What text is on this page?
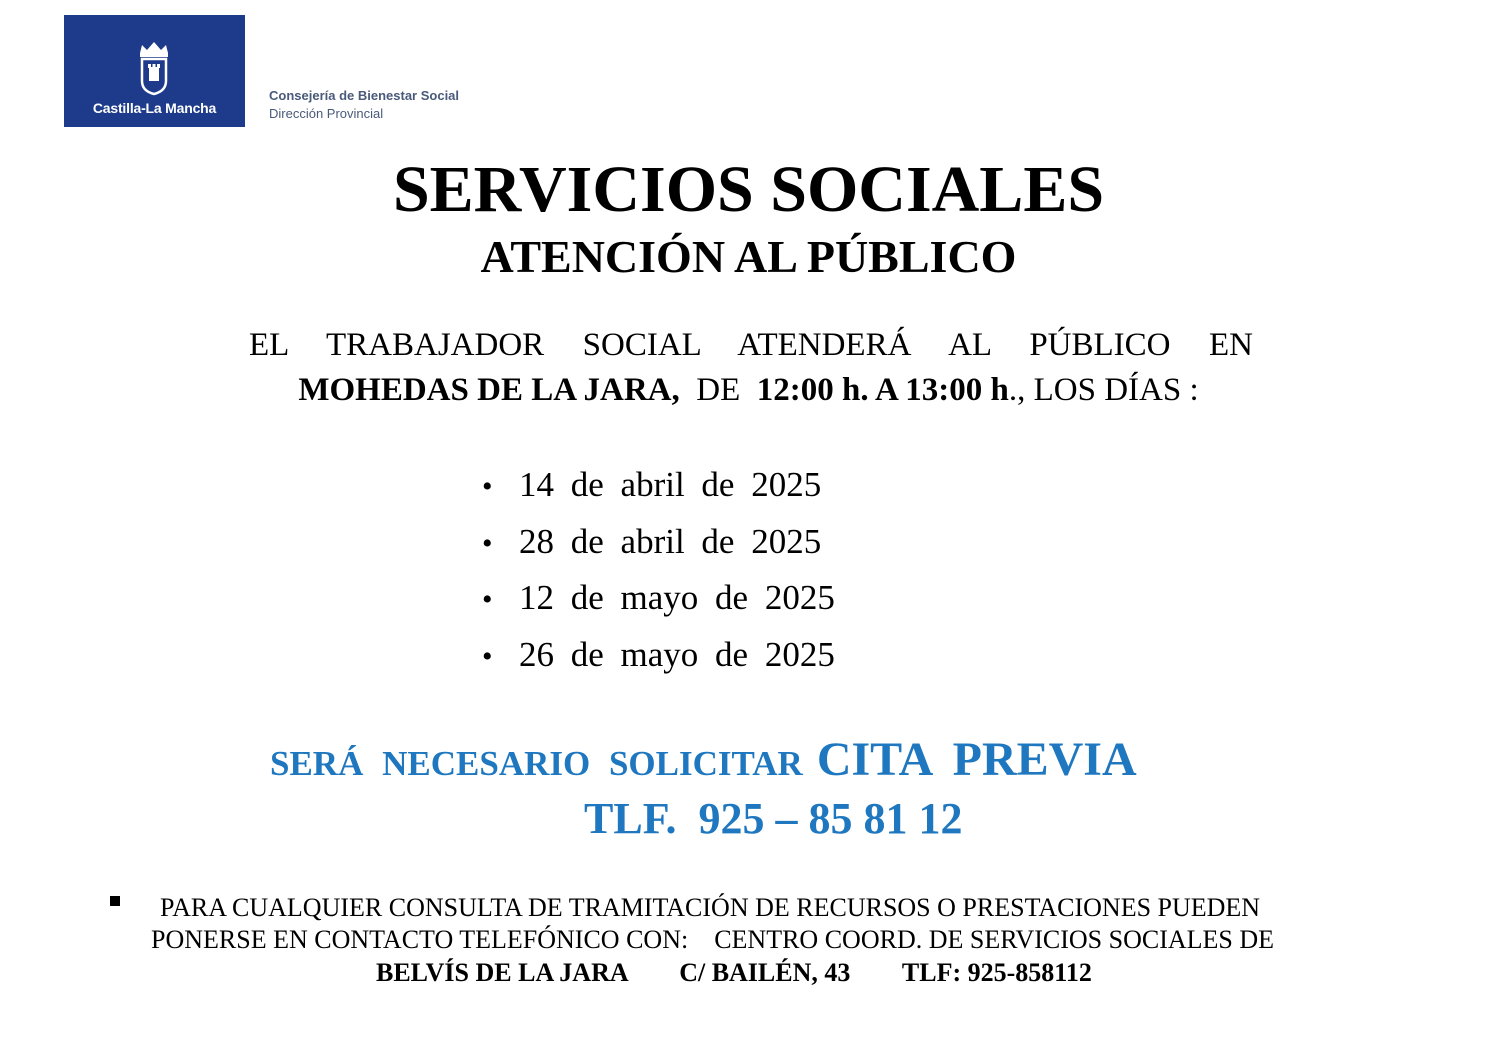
Castilla-La Mancha
Consejería de Bienestar Social
Dirección Provincial
SERVICIOS SOCIALES
ATENCIÓN AL PÚBLICO
EL TRABAJADOR SOCIAL ATENDERÁ AL PÚBLICO EN
MOHEDAS DE LA JARA, DE 12:00 h. A 13:00 h., LOS DÍAS :
• 14 de abril de 2025
• 28 de abril de 2025
• 12 de mayo de 2025
• 26 de mayo de 2025
SERÁ NECESARIO SOLICITAR CITA PREVIA
TLF.  925 – 85 81 12
PARA CUALQUIER CONSULTA DE TRAMITACIÓN DE RECURSOS O PRESTACIONES PUEDEN
PONERSE EN CONTACTO TELEFÓNICO CON:    CENTRO COORD. DE SERVICIOS SOCIALES DE
BELVÍS DE LA JARA        C/ BAILÉN, 43        TLF: 925-858112
